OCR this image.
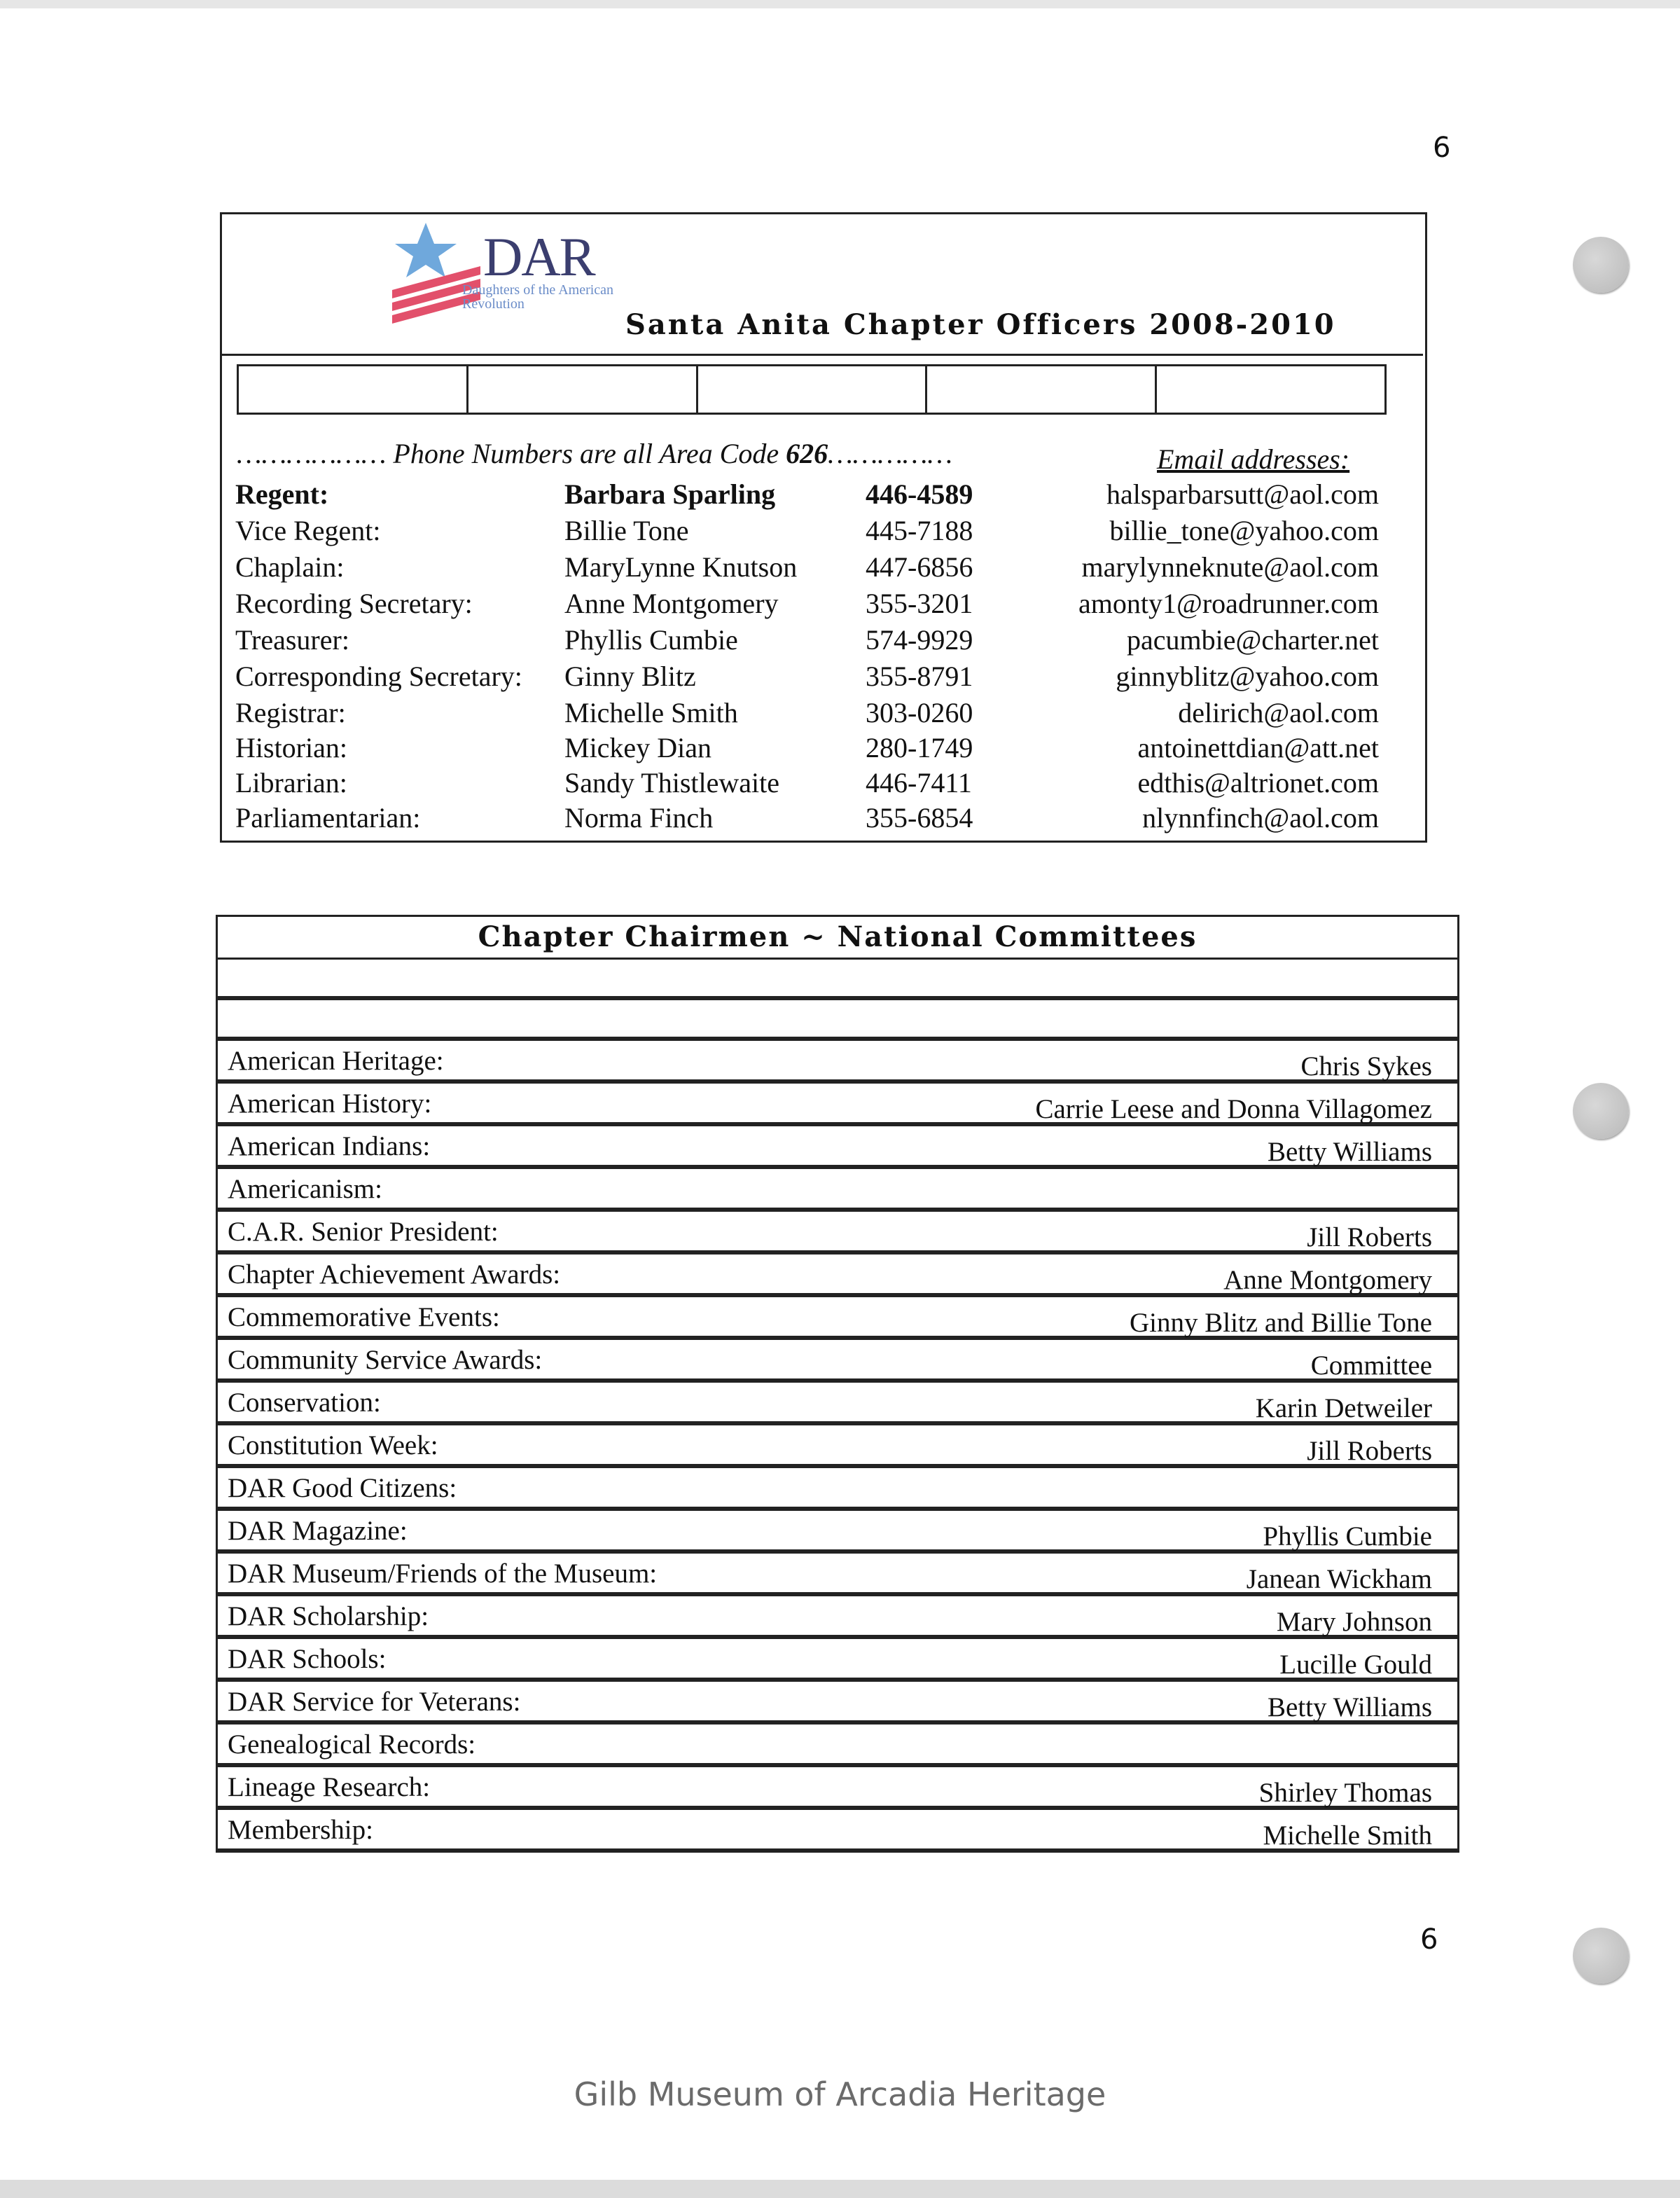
6
DAR
Daughters of the American Revolution
Santa Anita Chapter Officers 2008-2010
……………… Phone Numbers are all Area Code 626……………	Email addresses:
Regent:	Barbara Sparling	446-4589	halsparbarsutt@aol.com
Vice Regent:	Billie Tone	445-7188	billie_tone@yahoo.com
Chaplain:	MaryLynne Knutson 447-6856	marylynneknute@aol.com
Recording Secretary:	Anne Montgomery	355-3201	amonty1@roadrunner.com
Treasurer:	Phyllis Cumbie	574-9929	pacumbie@charter.net
Corresponding Secretary: Ginny Blitz	355-8791	ginnyblitz@yahoo.com
Registrar:	Michelle Smith	303-0260	delirich@aol.com
Historian:	Mickey Dian	280-1749	antoinettdian@att.net
Librarian:	Sandy Thistlewaite	446-7411	edthis@altrionet.com
Parliamentarian:	Norma Finch	355-6854	nlynnfinch@aol.com
Chapter Chairmen ~ National Committees
American Heritage:	Chris Sykes
American History:	Carrie Leese and Donna Villagomez
American Indians:	Betty Williams
Americanism:
C.A.R. Senior President:	Jill Roberts
Chapter Achievement Awards:	Anne Montgomery
Commemorative Events:	Ginny Blitz and Billie Tone
Community Service Awards:	Committee
Conservation:	Karin Detweiler
Constitution Week:	Jill Roberts
DAR Good Citizens:
DAR Magazine:	Phyllis Cumbie
DAR Museum/Friends of the Museum:	Janean Wickham
DAR Scholarship:	Mary Johnson
DAR Schools:	Lucille Gould
DAR Service for Veterans:	Betty Williams
Genealogical Records:
Lineage Research:	Shirley Thomas
Membership:	Michelle Smith
6
Gilb Museum of Arcadia Heritage
